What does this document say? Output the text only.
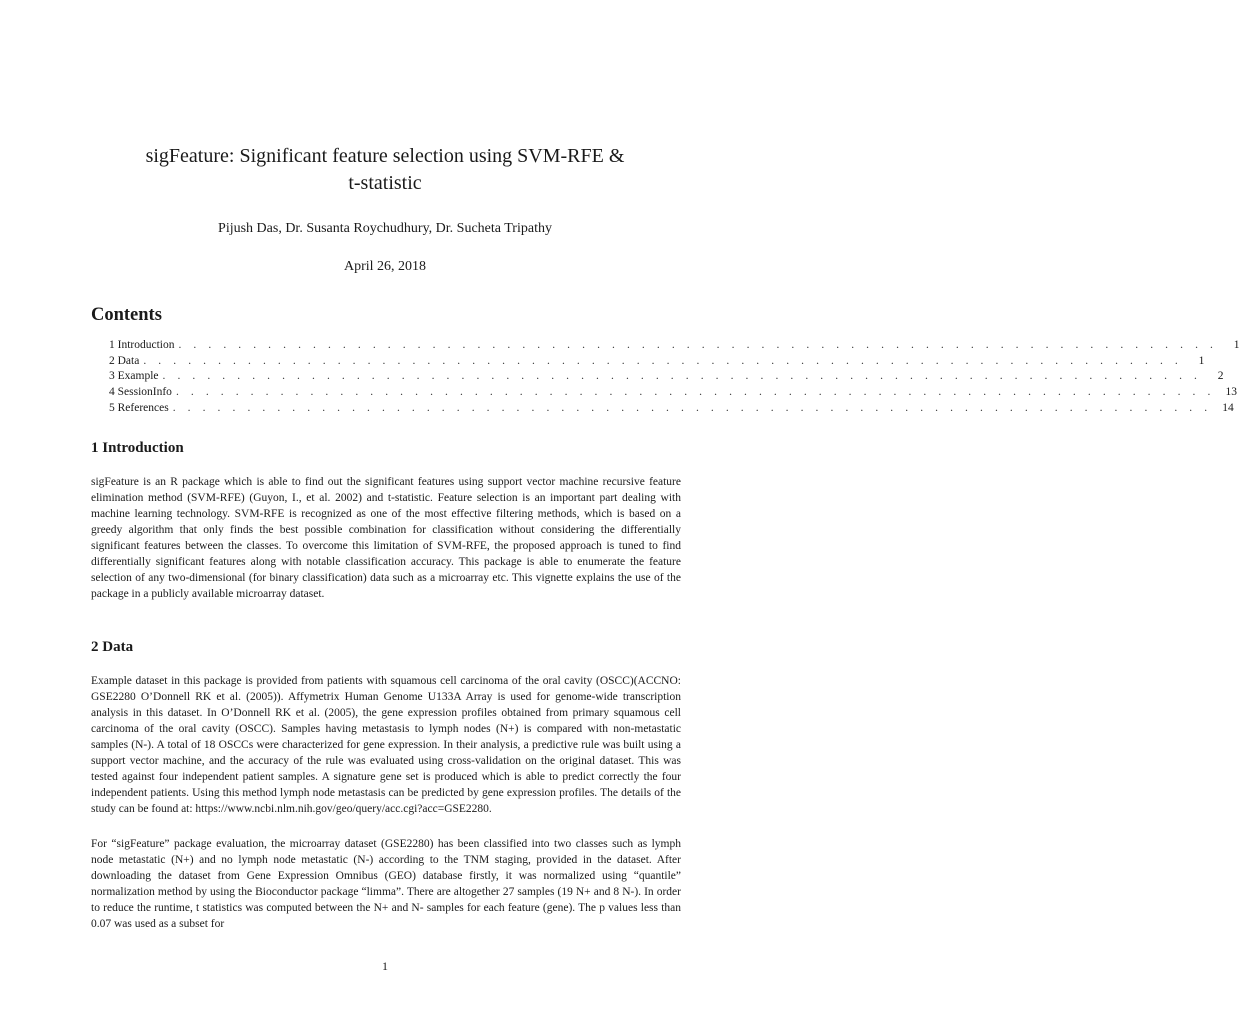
sigFeature: Significant feature selection using SVM-RFE &
t-statistic
Pijush Das, Dr. Susanta Roychudhury, Dr. Sucheta Tripathy
April 26, 2018
Contents
1 Introduction . . . . . . . . . . . . . . . . . . . . . . . . . . . . . . . . . . . . . . . . . . . . . . . . . . . . . . . . . . . . . . . . . . . . . .	1
2 Data . . . . . . . . . . . . . . . . . . . . . . . . . . . . . . . . . . . . . . . . . . . . . . . . . . . . . . . . . . . . . . . . . . . . . .	1
3 Example . . . . . . . . . . . . . . . . . . . . . . . . . . . . . . . . . . . . . . . . . . . . . . . . . . . . . . . . . . . . . . . . . . . . . .	2
4 SessionInfo . . . . . . . . . . . . . . . . . . . . . . . . . . . . . . . . . . . . . . . . . . . . . . . . . . . . . . . . . . . . . . . . . . . . . . 13
5 References . . . . . . . . . . . . . . . . . . . . . . . . . . . . . . . . . . . . . . . . . . . . . . . . . . . . . . . . . . . . . . . . . . . . . . 14
1 Introduction
sigFeature is an R package which is able to find out the significant features using support vector machine recursive feature elimination method (SVM-RFE) (Guyon, I., et al. 2002) and t-statistic. Feature selection is an important part dealing with machine learning technology. SVM-RFE is recognized as one of the most effective filtering methods, which is based on a greedy algorithm that only finds the best possible combination for classification without considering the differentially significant features between the classes. To overcome this limitation of SVM-RFE, the proposed approach is tuned to find differentially significant features along with notable classification accuracy. This package is able to enumerate the feature selection of any two-dimensional (for binary classification) data such as a microarray etc. This vignette explains the use of the package in a publicly available microarray dataset.
2 Data
Example dataset in this package is provided from patients with squamous cell carcinoma of the oral cavity (OSCC)(ACCNO: GSE2280 O’Donnell RK et al. (2005)). Affymetrix Human Genome U133A Array is used for genome-wide transcription analysis in this dataset. In O’Donnell RK et al. (2005), the gene expression profiles obtained from primary squamous cell carcinoma of the oral cavity (OSCC). Samples having metastasis to lymph nodes (N+) is compared with non-metastatic samples (N-). A total of 18 OSCCs were characterized for gene expression. In their analysis, a predictive rule was built using a support vector machine, and the accuracy of the rule was evaluated using cross-validation on the original dataset. This was tested against four independent patient samples. A signature gene set is produced which is able to predict correctly the four independent patients. Using this method lymph node metastasis can be predicted by gene expression profiles. The details of the study can be found at: https://www.ncbi.nlm.nih.gov/geo/query/acc.cgi?acc=GSE2280.
For “sigFeature” package evaluation, the microarray dataset (GSE2280) has been classified into two classes such as lymph node metastatic (N+) and no lymph node metastatic (N-) according to the TNM staging, provided in the dataset. After downloading the dataset from Gene Expression Omnibus (GEO) database firstly, it was normalized using “quantile” normalization method by using the Bioconductor package “limma”. There are altogether 27 samples (19 N+ and 8 N-). In order to reduce the runtime, t statistics was computed between the N+ and N- samples for each feature (gene). The p values less than 0.07 was used as a subset for
1
